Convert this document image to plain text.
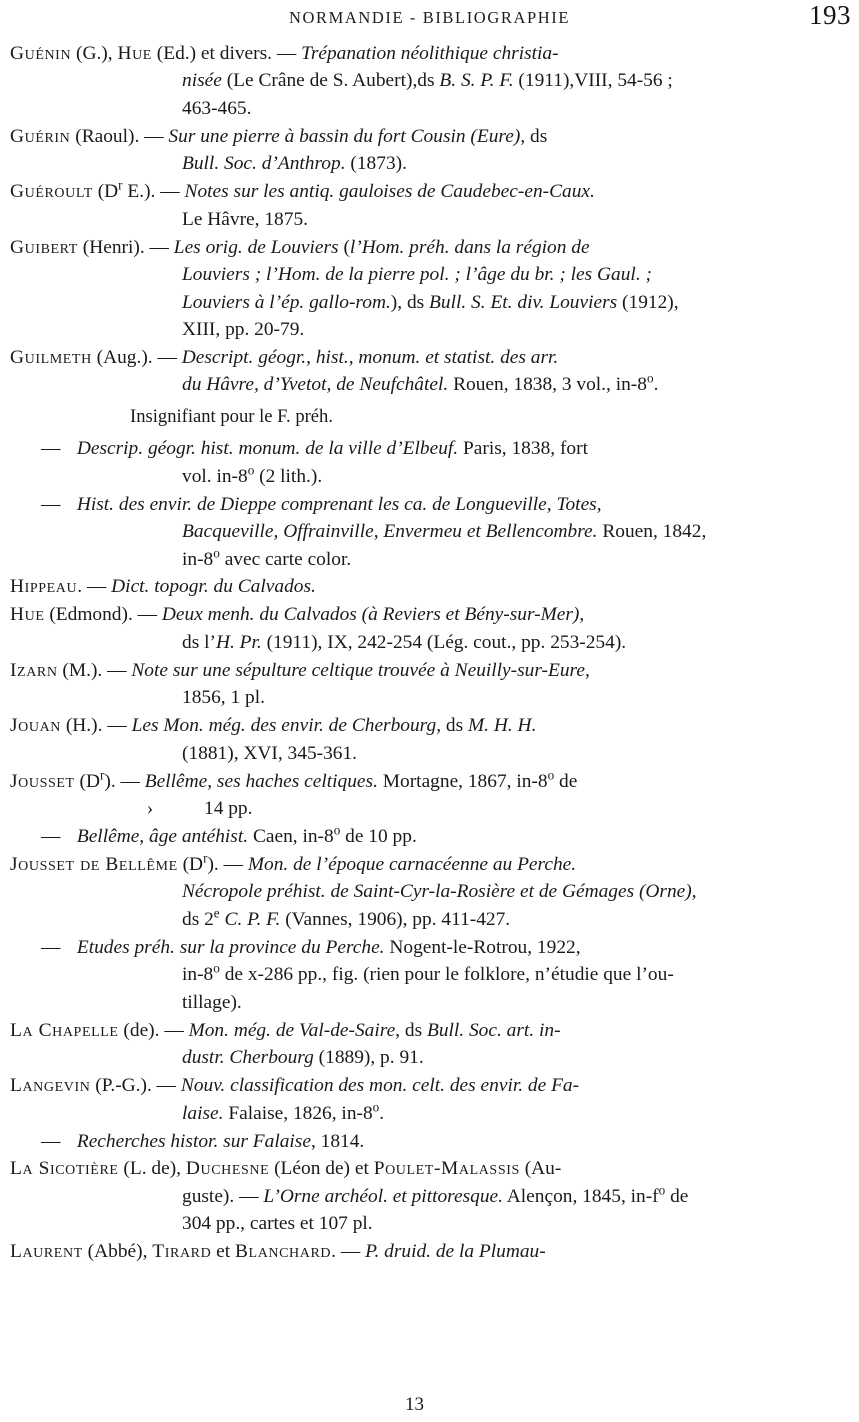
NORMANDIE - BIBLIOGRAPHIE	193
Guénin (G.), Hue (Ed.) et divers. — Trépanation néolithique christia-
nisée (Le Crâne de S. Aubert),ds B. S. P. F. (1911),VIII, 54-56 ;
463-465.
Guérin (Raoul). — Sur une pierre à bassin du fort Cousin (Eure), ds
Bull. Soc. d’Anthrop. (1873).
Guéroult ($D^r$ E.). — Notes sur les antiq. gauloises de Caudebec-en-Caux.
Le Hâvre, 1875.
Guibert (Henri). — Les orig. de Louviers (l’Hom. préh. dans la région de
Louviers ; l’Hom. de la pierre pol. ; l’âge du br. ; les Gaul. ;
Louviers à l’ép. gallo-rom.), ds Bull. S. Et. div. Louviers (1912),
XIII, pp. 20-79.
Guilmeth (Aug.). — Descript. géogr., hist., monum. et statist. des arr.
du Hâvre, d’Yvetot, de Neufchâtel. Rouen, 1838, 3 vol., in-8$^o$.
Insignifiant pour le F. préh.
— Descrip. géogr. hist. monum. de la ville d’Elbeuf. Paris, 1838, fort
vol. in-8$^o$ (2 lith.).
— Hist. des envir. de Dieppe comprenant les ca. de Longueville, Totes,
Bacqueville, Offrainville, Envermeu et Bellencombre. Rouen, 1842,
in-8$^o$ avec carte color.
Hippeau. — Dict. topogr. du Calvados.
Hue (Edmond). — Deux menh. du Calvados (à Reviers et Bény-sur-Mer),
ds l’H. Pr. (1911), IX, 242-254 (Lég. cout., pp. 253-254).
Izarn (M.). — Note sur une sépulture celtique trouvée à Neuilly-sur-Eure,
1856, 1 pl.
Jouan (H.). — Les Mon. még. des envir. de Cherbourg, ds M. H. H.
(1881), XVI, 345-361.
Jousset $(D^r)$. — Bellême, ses haches celtiques. Mortagne, 1867, in-8$^o$ de
›	14 pp.
— Bellême, âge antéhist. Caen, in-8$^o$ de 10 pp.
Jousset de Bellême $(D^r)$. — Mon. de l’époque carnacéenne au Perche.
Nécropole préhist. de Saint-Cyr-la-Rosière et de Gémages (Orne),
ds 2e C. P. F. (Vannes, 1906), pp. 411-427.
— Etudes préh. sur la province du Perche. Nogent-le-Rotrou, 1922,
in-8$^o$ de x-286 pp., fig. (rien pour le folklore, n’étudie que l’ou-
tillage).
La Chapelle (de). — Mon. még. de Val-de-Saire, ds Bull. Soc. art. in-
dustr. Cherbourg (1889), p. 91.
Langevin (P.-G.). — Nouv. classification des mon. celt. des envir. de Fa-
laise. Falaise, 1826, in-8$^o$.
— Recherches histor. sur Falaise, 1814.
La Sicotière (L. de), Duchesne (Léon de) et Poulet-Malassis (Au-
guste). — L’Orne archéol. et pittoresque. Alençon, 1845, $in-f^o$ de
304 pp., cartes et 107 pl.
Laurent (Abbé), Tirard et Blanchard. — P. druid. de la Plumau-
13
